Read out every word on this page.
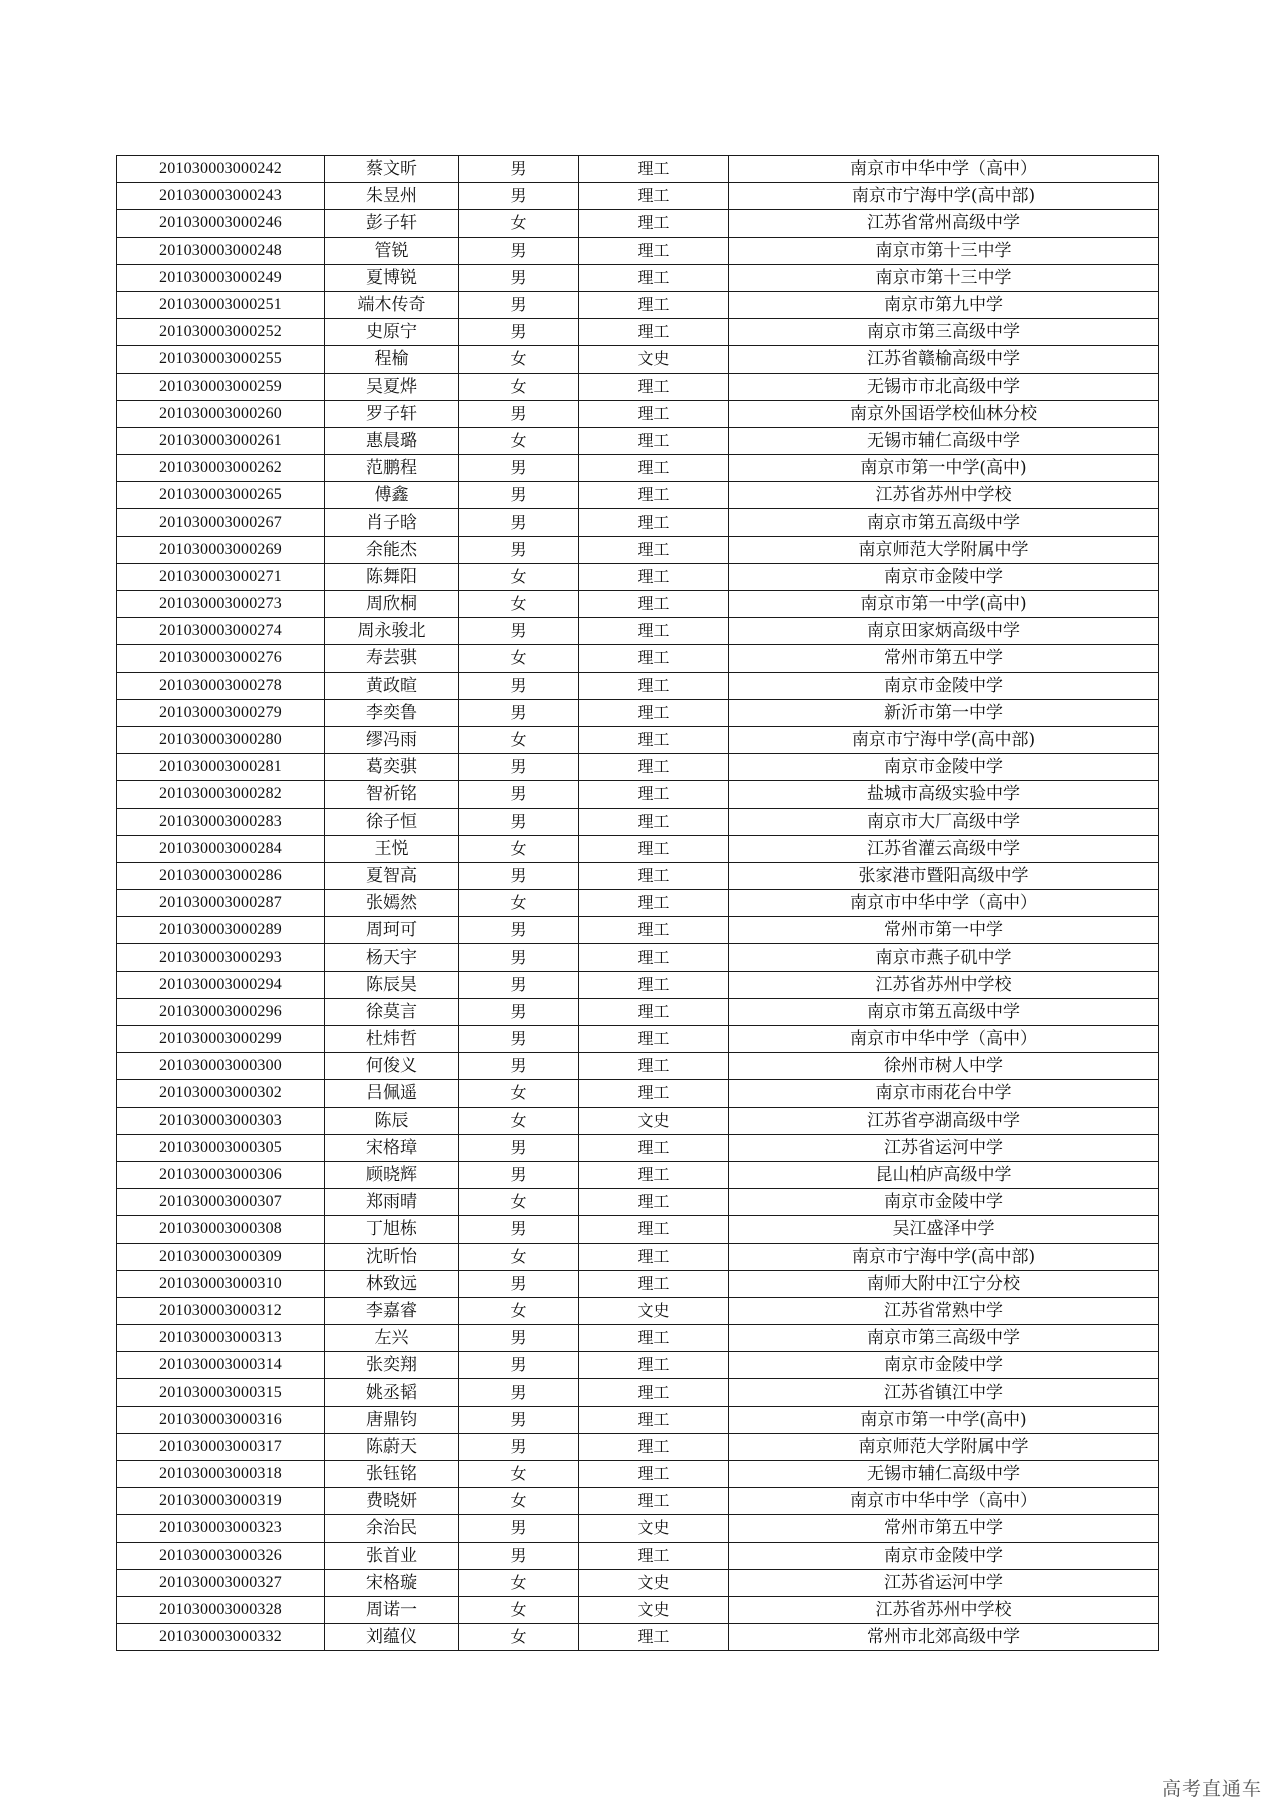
201030003000242	蔡文昕	男	理工	南京市中华中学（高中）
201030003000243	朱昱州	男	理工	南京市宁海中学(高中部)
201030003000246	彭子轩	女	理工	江苏省常州高级中学
201030003000248	管锐	男	理工	南京市第十三中学
201030003000249	夏博锐	男	理工	南京市第十三中学
201030003000251	端木传奇	男	理工	南京市第九中学
201030003000252	史原宁	男	理工	南京市第三高级中学
201030003000255	程榆	女	文史	江苏省赣榆高级中学
201030003000259	吴夏烨	女	理工	无锡市市北高级中学
201030003000260	罗子轩	男	理工	南京外国语学校仙林分校
201030003000261	惠晨璐	女	理工	无锡市辅仁高级中学
201030003000262	范鹏程	男	理工	南京市第一中学(高中)
201030003000265	傅鑫	男	理工	江苏省苏州中学校
201030003000267	肖子晗	男	理工	南京市第五高级中学
201030003000269	余能杰	男	理工	南京师范大学附属中学
201030003000271	陈舞阳	女	理工	南京市金陵中学
201030003000273	周欣桐	女	理工	南京市第一中学(高中)
201030003000274	周永骏北	男	理工	南京田家炳高级中学
201030003000276	寿芸骐	女	理工	常州市第五中学
201030003000278	黄政暄	男	理工	南京市金陵中学
201030003000279	李奕鲁	男	理工	新沂市第一中学
201030003000280	缪冯雨	女	理工	南京市宁海中学(高中部)
201030003000281	葛奕骐	男	理工	南京市金陵中学
201030003000282	智祈铭	男	理工	盐城市高级实验中学
201030003000283	徐子恒	男	理工	南京市大厂高级中学
201030003000284	王悦	女	理工	江苏省灌云高级中学
201030003000286	夏智高	男	理工	张家港市暨阳高级中学
201030003000287	张嫣然	女	理工	南京市中华中学（高中）
201030003000289	周珂可	男	理工	常州市第一中学
201030003000293	杨天宇	男	理工	南京市燕子矶中学
201030003000294	陈辰昊	男	理工	江苏省苏州中学校
201030003000296	徐莫言	男	理工	南京市第五高级中学
201030003000299	杜炜哲	男	理工	南京市中华中学（高中）
201030003000300	何俊义	男	理工	徐州市树人中学
201030003000302	吕佩遥	女	理工	南京市雨花台中学
201030003000303	陈辰	女	文史	江苏省亭湖高级中学
201030003000305	宋格璋	男	理工	江苏省运河中学
201030003000306	顾晓辉	男	理工	昆山柏庐高级中学
201030003000307	郑雨晴	女	理工	南京市金陵中学
201030003000308	丁旭栋	男	理工	吴江盛泽中学
201030003000309	沈昕怡	女	理工	南京市宁海中学(高中部)
201030003000310	林致远	男	理工	南师大附中江宁分校
201030003000312	李嘉睿	女	文史	江苏省常熟中学
201030003000313	左兴	男	理工	南京市第三高级中学
201030003000314	张奕翔	男	理工	南京市金陵中学
201030003000315	姚丞韬	男	理工	江苏省镇江中学
201030003000316	唐鼎钧	男	理工	南京市第一中学(高中)
201030003000317	陈蔚天	男	理工	南京师范大学附属中学
201030003000318	张钰铭	女	理工	无锡市辅仁高级中学
201030003000319	费晓妍	女	理工	南京市中华中学（高中）
201030003000323	余治民	男	文史	常州市第五中学
201030003000326	张首业	男	理工	南京市金陵中学
201030003000327	宋格璇	女	文史	江苏省运河中学
201030003000328	周诺一	女	文史	江苏省苏州中学校
201030003000332	刘蕴仪	女	理工	常州市北郊高级中学
高考直通车
